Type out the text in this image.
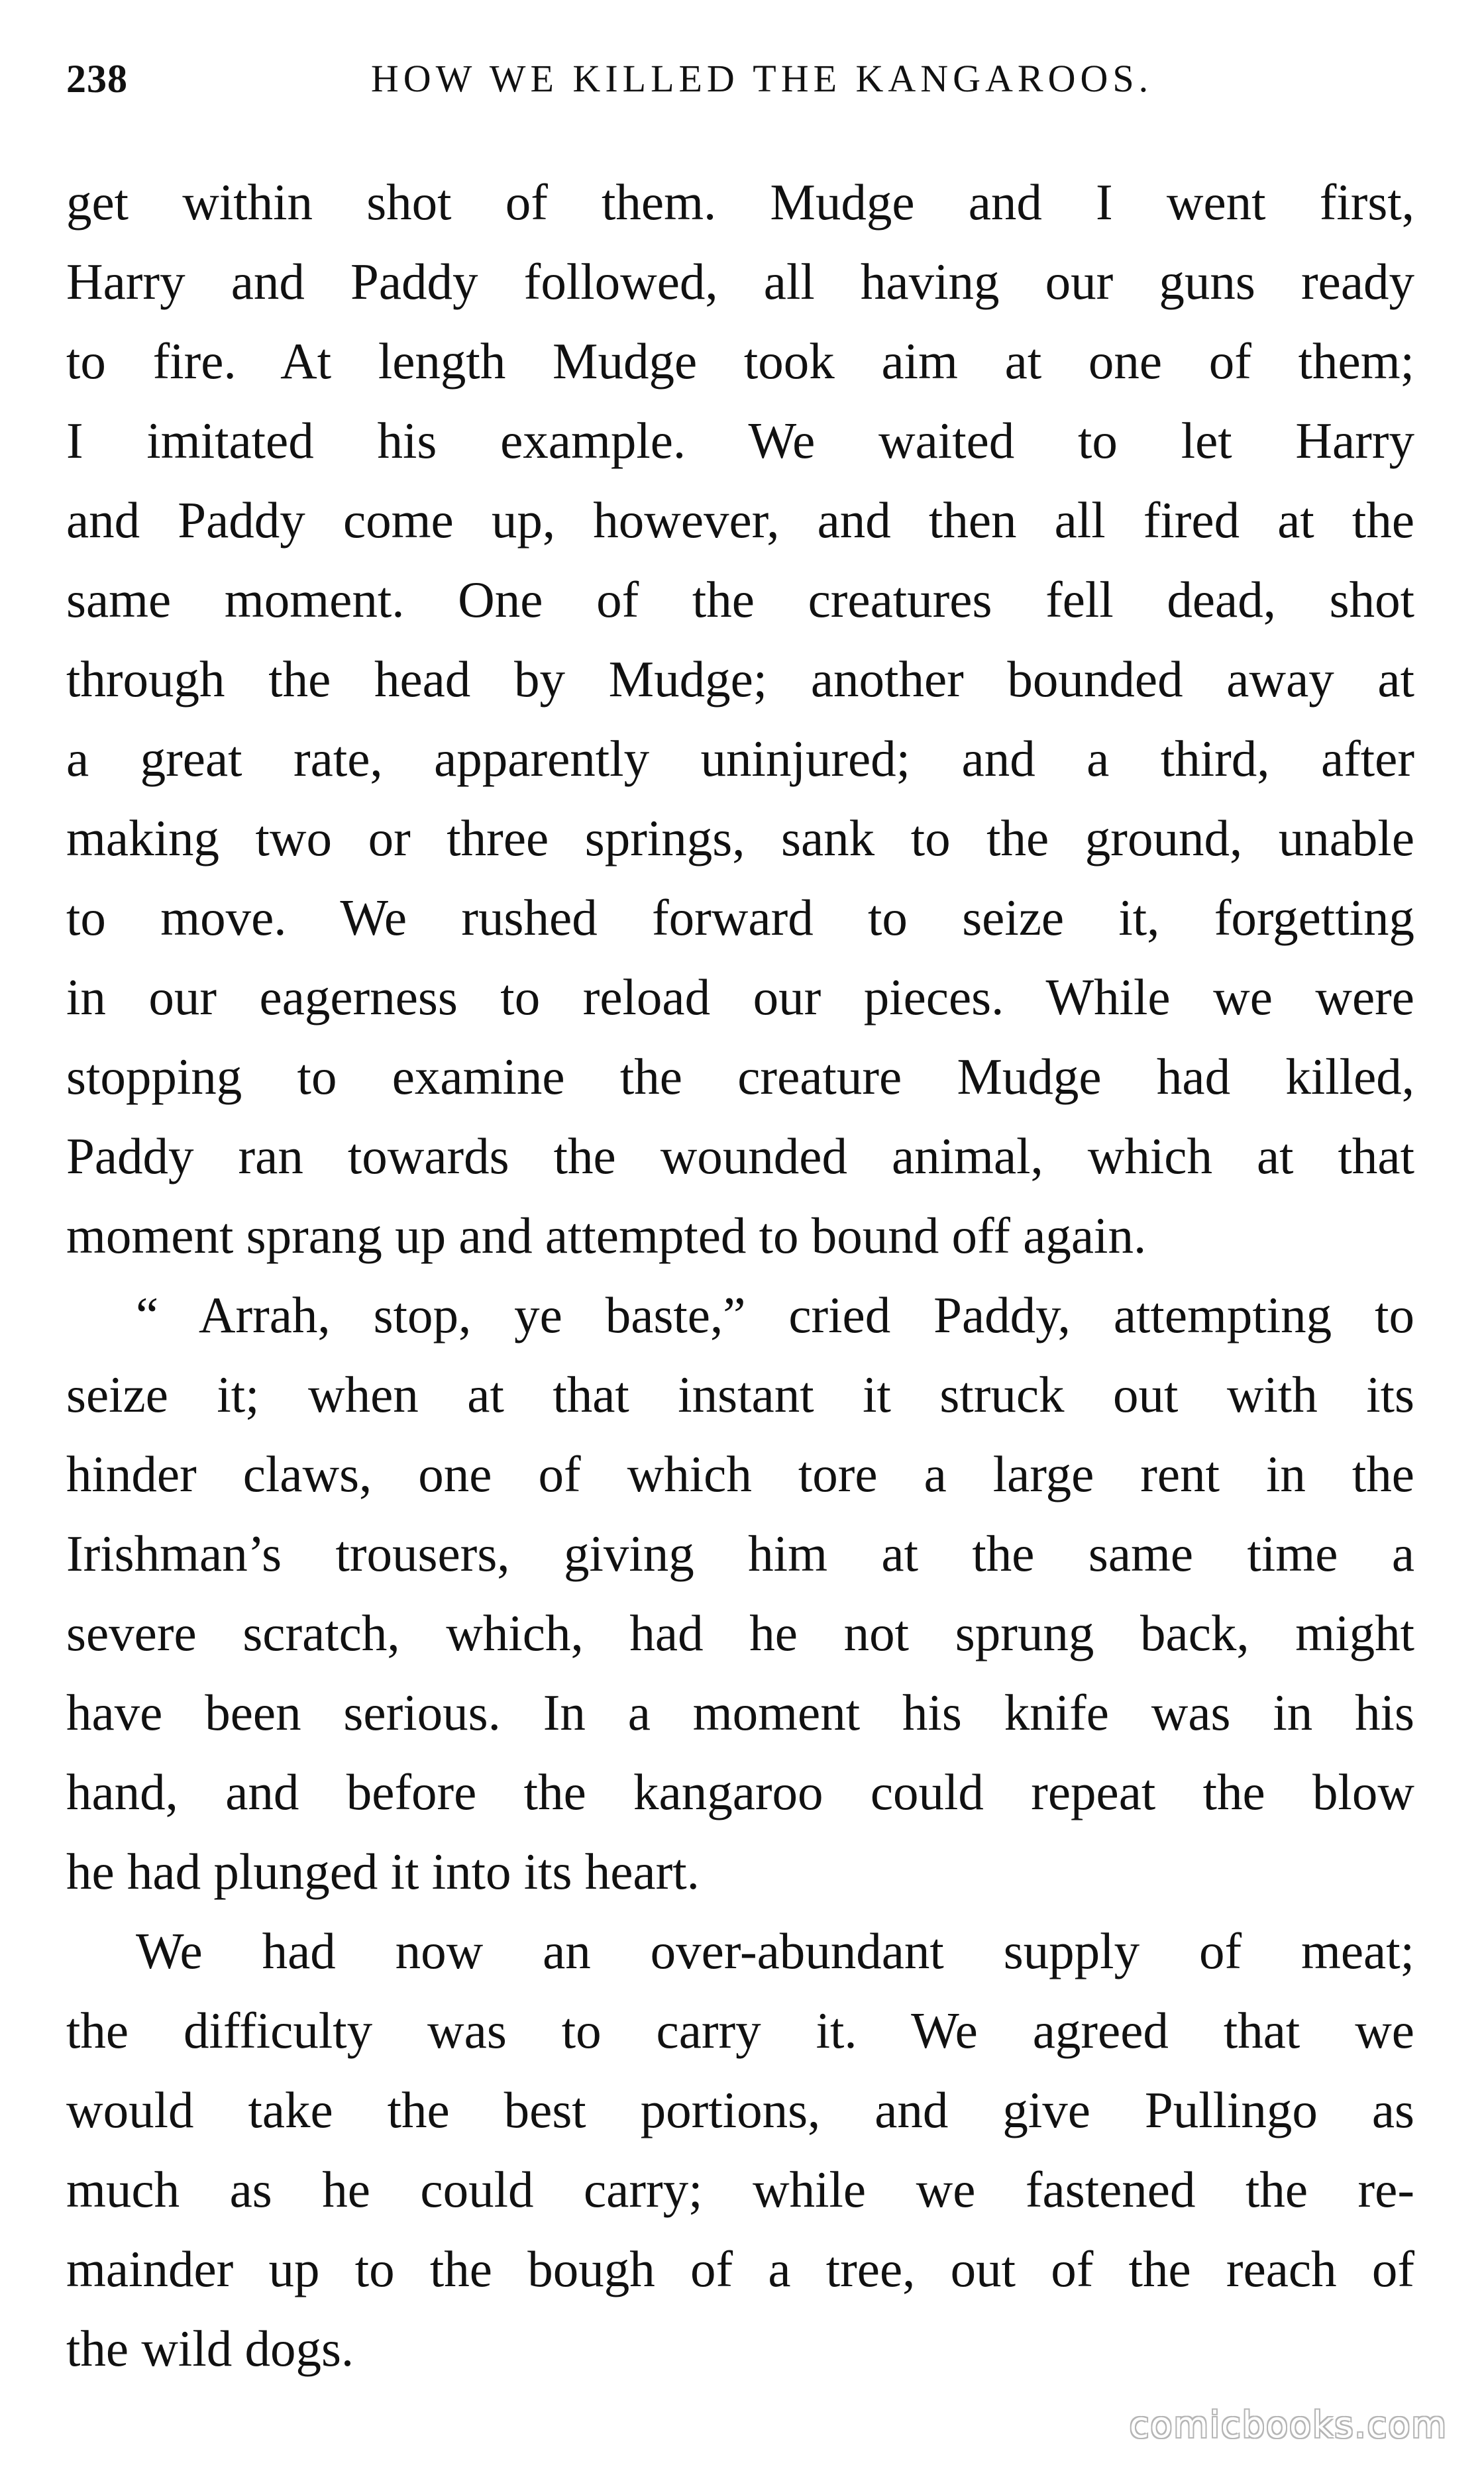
238	HOW WE KILLED THE KANGAROOS.

get within shot of them. Mudge and I went first,
Harry and Paddy followed, all having our guns ready
to fire. At length Mudge took aim at one of them;
I imitated his example. We waited to let Harry
and Paddy come up, however, and then all fired at the
same moment. One of the creatures fell dead, shot
through the head by Mudge; another bounded away at
a great rate, apparently uninjured; and a third, after
making two or three springs, sank to the ground, unable
to move. We rushed forward to seize it, forgetting
in our eagerness to reload our pieces. While we were
stopping to examine the creature Mudge had killed,
Paddy ran towards the wounded animal, which at that
moment sprang up and attempted to bound off again.

“ Arrah, stop, ye baste,” cried Paddy, attempting to
seize it; when at that instant it struck out with its
hinder claws, one of which tore a large rent in the
Irishman’s trousers, giving him at the same time a
severe scratch, which, had he not sprung back, might
have been serious. In a moment his knife was in his
hand, and before the kangaroo could repeat the blow
he had plunged it into its heart.

We had now an over-abundant supply of meat;
the difficulty was to carry it. We agreed that we
would take the best portions, and give Pullingo as
much as he could carry; while we fastened the re-
mainder up to the bough of a tree, out of the reach of
the wild dogs.

comicbooks.com
